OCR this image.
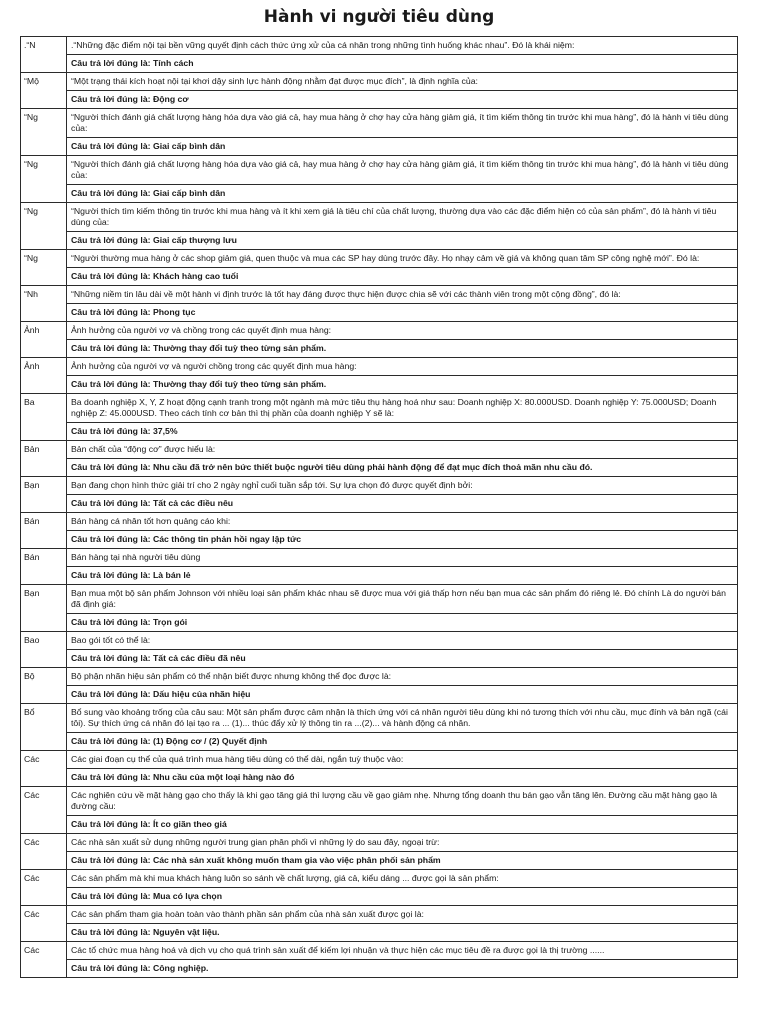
Hành vi người tiêu dùng
.“N	.“Những đặc điểm nội tại bền vững quyết định cách thức ứng xử của cá nhân trong những tình huống khác nhau”. Đó là khái niệm:
	Câu trả lời đúng là: Tính cách
“Mộ	“Một trạng thái kích hoạt nội tại khơi dậy sinh lực hành động nhằm đạt được mục đích”, là định nghĩa của:
	Câu trả lời đúng là: Động cơ
“Ng	“Người thích đánh giá chất lượng hàng hóa dựa vào giá cả, hay mua hàng ở chợ hay cửa hàng giảm giá, ít tìm kiếm thông tin trước khi mua hàng”, đó là hành vi tiêu dùng của:
	Câu trả lời đúng là: Giai cấp bình dân
“Ng	“Người thích đánh giá chất lượng hàng hóa dựa vào giá cả, hay mua hàng ở chợ hay cửa hàng giảm giá, ít tìm kiếm thông tin trước khi mua hàng”, đó là hành vi tiêu dùng của:
	Câu trả lời đúng là: Giai cấp bình dân
“Ng	“Người thích tìm kiếm thông tin trước khi mua hàng và ít khi xem giá là tiêu chí của chất lượng, thường dựa vào các đặc điểm hiện có của sản phẩm”, đó là hành vi tiêu dùng của:
	Câu trả lời đúng là: Giai cấp thượng lưu
“Ng	“Người thường mua hàng ở các shop giảm giá, quen thuộc và mua các SP hay dùng trước đây. Họ nhạy cảm về giá và không quan tâm SP công nghệ mới”. Đó là:
	Câu trả lời đúng là: Khách hàng cao tuổi
“Nh	“Những niềm tin lâu dài về một hành vi định trước là tốt hay đáng được thực hiện được chia sẽ với các thành viên trong một cộng đồng”, đó là:
	Câu trả lời đúng là: Phong tục
Ảnh	Ảnh hưởng của người vợ và chồng trong các quyết định mua hàng:
	Câu trả lời đúng là: Thường thay đổi tuỳ theo từng sản phẩm.
Ảnh	Ảnh hưởng của người vợ và người chồng trong các quyết định mua hàng:
	Câu trả lời đúng là: Thường thay đổi tuỳ theo từng sản phẩm.
Ba	Ba doanh nghiệp X, Y, Z hoạt động cạnh tranh trong một ngành mà mức tiêu thụ hàng hoá như sau: Doanh nghiệp X: 80.000USD. Doanh nghiệp Y: 75.000USD; Doanh nghiệp Z: 45.000USD. Theo cách tính cơ bản thì thị phần của doanh nghiệp Y sẽ là:
	Câu trả lời đúng là: 37,5%
Bản	Bản chất của “động cơ” được hiểu là:
	Câu trả lời đúng là: Nhu cầu đã trở nên bức thiết buộc người tiêu dùng phải hành động để đạt mục đích thoả mãn nhu cầu đó.
Bạn	Bạn đang chọn hình thức giải trí cho 2 ngày nghỉ cuối tuần sắp tới. Sự lựa chọn đó được quyết định bởi:
	Câu trả lời đúng là: Tất cả các điều nêu
Bán	Bán hàng cá nhân tốt hơn quảng cáo khi:
	Câu trả lời đúng là: Các thông tin phản hồi ngay lập tức
Bán	Bán hàng tại nhà người tiêu dùng
	Câu trả lời đúng là: Là bán lẻ
Bạn	Bạn mua một bộ sản phẩm Johnson với nhiều loại sản phẩm khác nhau sẽ được mua với giá thấp hơn nếu bạn mua các sản phẩm đó riêng lẻ. Đó chính Là do người bán đã định giá:
	Câu trả lời đúng là: Trọn gói
Bao	Bao gói tốt có thể là:
	Câu trả lời đúng là: Tất cả các điều đã nêu
Bộ	Bộ phận nhãn hiệu sản phẩm có thể nhận biết được nhưng không thể đọc được là:
	Câu trả lời đúng là: Dấu hiệu của nhãn hiệu
Bổ	Bổ sung vào khoảng trống của câu sau: Một sản phẩm được cảm nhận là thích ứng với cá nhân người tiêu dùng khi nó tương thích với nhu cầu, mục đính và bản ngã (cái tôi). Sự thích ứng cá nhân đó lại tạo ra ... (1)... thúc đẩy xử lý thông tin ra ...(2)... và hành động cá nhân.
	Câu trả lời đúng là: (1) Động cơ / (2) Quyết định
Các	Các giai đoạn cụ thể của quá trình mua hàng tiêu dùng có thể dài, ngắn tuỳ thuộc vào:
	Câu trả lời đúng là: Nhu cầu của một loại hàng nào đó
Các	Các nghiên cứu về mặt hàng gạo cho thấy là khi gạo tăng giá thì lượng cầu về gạo giảm nhẹ. Nhưng tổng doanh thu bán gạo vẫn tăng lên. Đường cầu mặt hàng gạo là đường cầu:
	Câu trả lời đúng là: Ít co giãn theo giá
Các	Các nhà sản xuất sử dụng những người trung gian phân phối vì những lý do sau đây, ngoại trừ:
	Câu trả lời đúng là: Các nhà sản xuất không muốn tham gia vào việc phân phối sản phẩm
Các	Các sản phẩm mà khi mua khách hàng luôn so sánh về chất lượng, giá cả, kiểu dáng ... được gọi là sản phẩm:
	Câu trả lời đúng là: Mua có lựa chọn
Các	Các sản phẩm tham gia hoàn toàn vào thành phần sản phẩm của nhà sản xuất được gọi là:
	Câu trả lời đúng là: Nguyên vật liệu.
Các	Các tổ chức mua hàng hoá và dịch vụ cho quá trình sản xuất để kiếm lợi nhuận và thực hiện các mục tiêu đề ra được gọi là thị trường ......
	Câu trả lời đúng là: Công nghiệp.
